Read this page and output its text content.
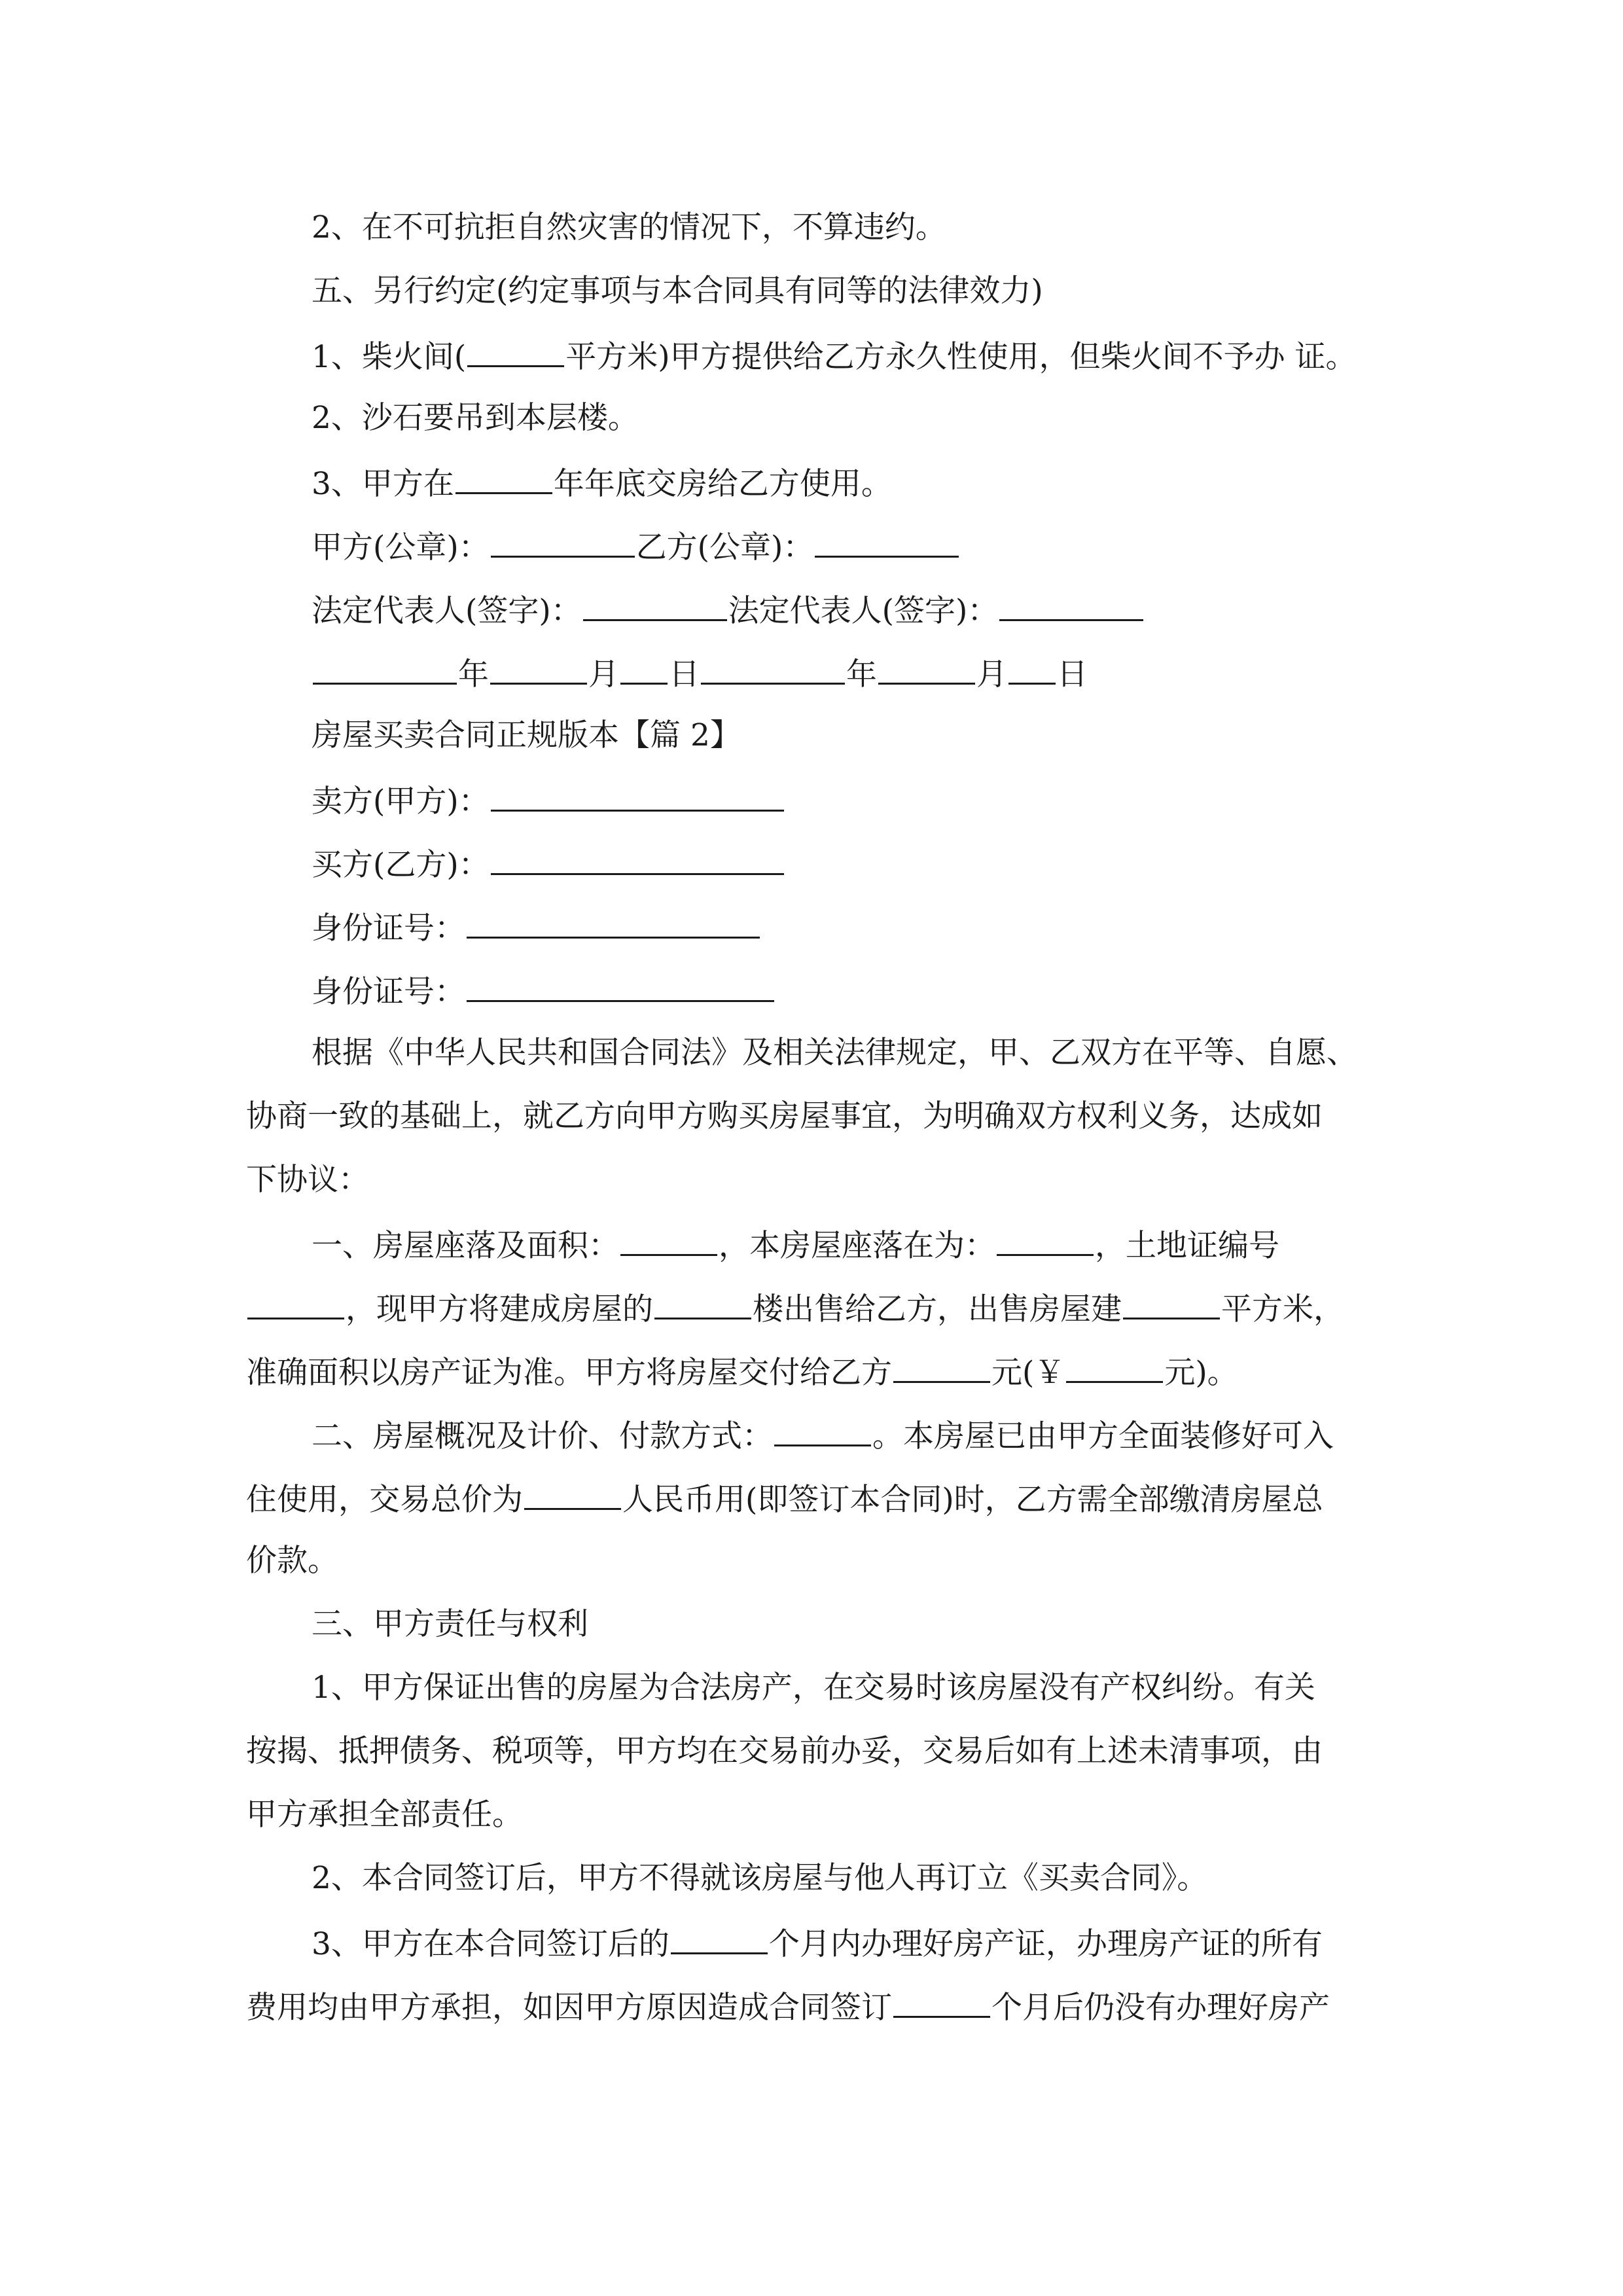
2、在不可抗拒自然灾害的情况下，不算违约。
五、另行约定(约定事项与本合同具有同等的法律效力)
1、柴火间(	平方米)甲方提供给乙方永久性使用，但柴火间不予办 证。
2、沙石要吊到本层楼。
3、甲方在	年年底交房给乙方使用。
甲方(公章)：	乙方(公章)：
法定代表人(签字)：	法定代表人(签字)：
年	月 日	年	月 日
房屋买卖合同正规版本【篇 2】
卖方(甲方)：
买方(乙方)：
身份证号：
身份证号：
根据《中华人民共和国合同法》及相关法律规定，甲、乙双方在平等、自愿、
协商一致的基础上，就乙方向甲方购买房屋事宜，为明确双方权利义务，达成如
下协议：
一、房屋座落及面积：	，本房屋座落在为：	，土地证编号
，现甲方将建成房屋的	楼出售给乙方，出售房屋建	平方米，
准确面积以房产证为准。甲方将房屋交付给乙方	元(￥	元)。
二、房屋概况及计价、付款方式：	。本房屋已由甲方全面装修好可入
住使用，交易总价为	人民币用(即签订本合同)时，乙方需全部缴清房屋总
价款。
三、甲方责任与权利
1、甲方保证出售的房屋为合法房产，在交易时该房屋没有产权纠纷。有关
按揭、抵押债务、税项等，甲方均在交易前办妥，交易后如有上述未清事项，由
甲方承担全部责任。
2、本合同签订后，甲方不得就该房屋与他人再订立《买卖合同》。
3、甲方在本合同签订后的	个月内办理好房产证，办理房产证的所有
费用均由甲方承担，如因甲方原因造成合同签订	个月后仍没有办理好房产
